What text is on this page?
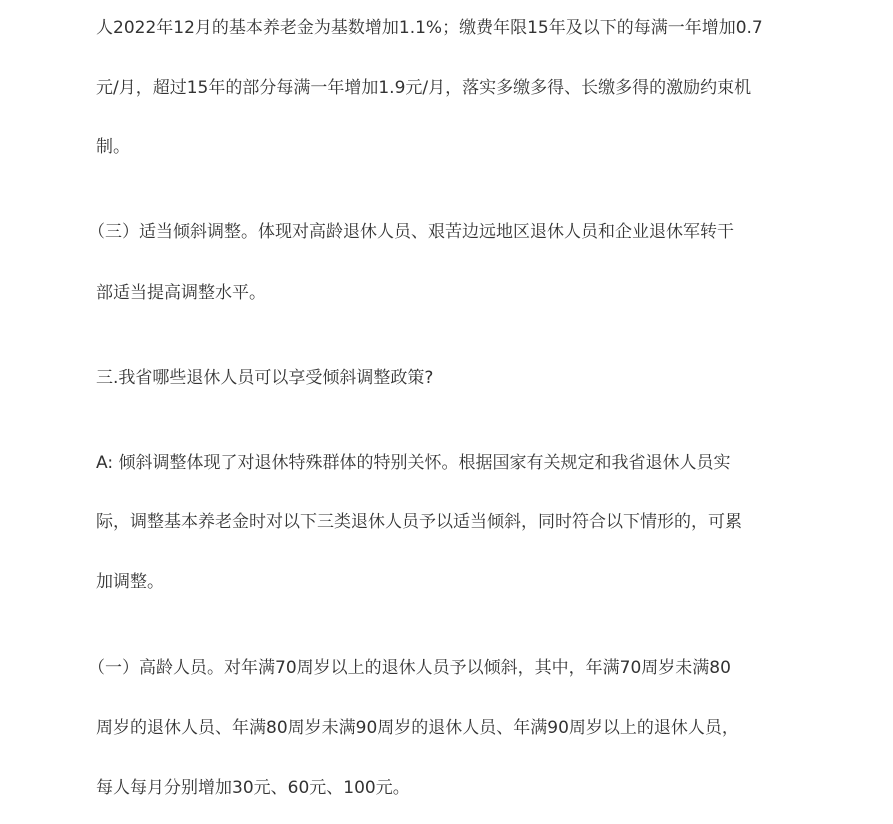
人2022年12月的基本养老金为基数增加1.1%；缴费年限15年及以下的每满一年增加0.7
元/月，超过15年的部分每满一年增加1.9元/月，落实多缴多得、长缴多得的激励约束机
制。
（三）适当倾斜调整。体现对高龄退休人员、艰苦边远地区退休人员和企业退休军转干
部适当提高调整水平。
三.我省哪些退休人员可以享受倾斜调整政策?
A: 倾斜调整体现了对退休特殊群体的特别关怀。根据国家有关规定和我省退休人员实
际，调整基本养老金时对以下三类退休人员予以适当倾斜，同时符合以下情形的，可累
加调整。
（一）高龄人员。对年满70周岁以上的退休人员予以倾斜，其中，年满70周岁未满80
周岁的退休人员、年满80周岁未满90周岁的退休人员、年满90周岁以上的退休人员，
每人每月分别增加30元、60元、100元。
